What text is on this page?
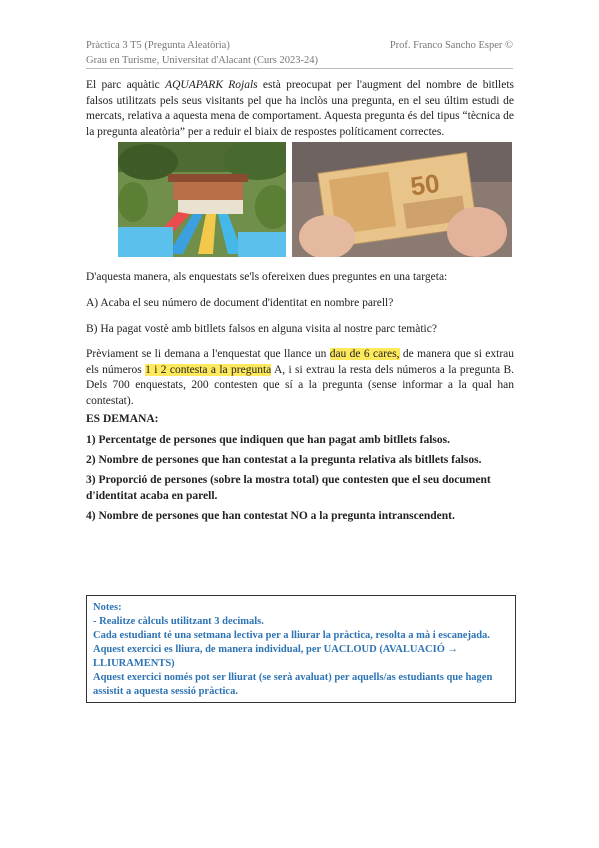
Pràctica 3 T5 (Pregunta Aleatòria)
Grau en Turisme, Universitat d'Alacant (Curs 2023-24)
Prof. Franco Sancho Esper ©
El parc aquàtic AQUAPARK Rojals està preocupat per l'augment del nombre de bitllets falsos utilitzats pels seus visitants pel que ha inclòs una pregunta, en el seu últim estudi de mercats, relativa a aquesta mena de comportament. Aquesta pregunta és del tipus “tècnica de la pregunta aleatòria” per a reduir el biaix de respostes políticament correctes.
50
D'aquesta manera, als enquestats se'ls ofereixen dues preguntes en una targeta:
A) Acaba el seu número de document d'identitat en nombre parell?
B) Ha pagat vostè amb bitllets falsos en alguna visita al nostre parc temàtic?
Prèviament se li demana a l'enquestat que llance un dau de 6 cares, de manera que si extrau els números 1 i 2 contesta a la pregunta A, i si extrau la resta dels números a la pregunta B. Dels 700 enquestats, 200 contesten que sí a la pregunta (sense informar a la qual han contestat).
ES DEMANA:
1) Percentatge de persones que indiquen que han pagat amb bitllets falsos.
2) Nombre de persones que han contestat a la pregunta relativa als bitllets falsos.
3) Proporció de persones (sobre la mostra total) que contesten que el seu document d'identitat acaba en parell.
4) Nombre de persones que han contestat NO a la pregunta intranscendent.
Notes:
- Realitze càlculs utilitzant 3 decimals.
Cada estudiant té una setmana lectiva per a lliurar la pràctica, resolta a mà i escanejada.
Aquest exercici es lliura, de manera individual, per UACLOUD (AVALUACIÓ → LLIURAMENTS)
Aquest exercici només pot ser lliurat (se serà avaluat) per aquells/as estudiants que hagen assistit a aquesta sessió pràctica.
